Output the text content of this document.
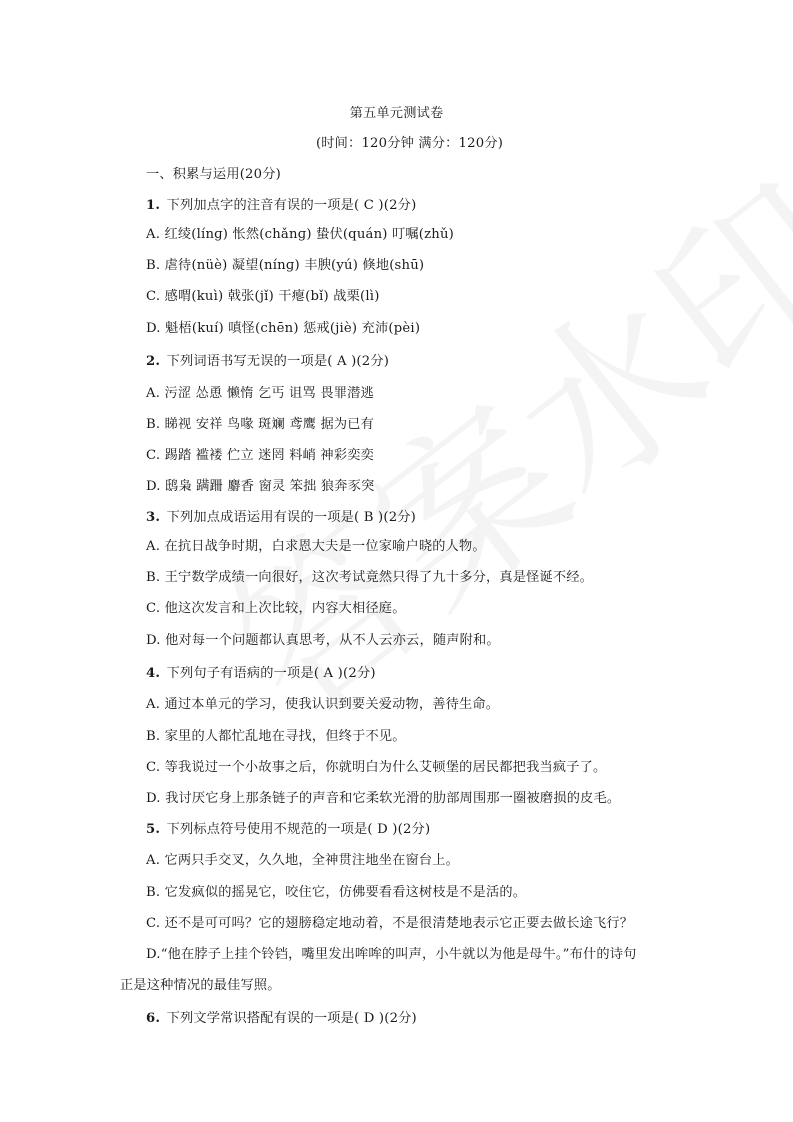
第五单元测试卷
(时间：120分钟 满分：120分)
一、积累与运用(20分)
1. 下列加点字的注音有误的一项是( C )(2分)
A. 红绫(línɡ) 怅然(chǎnɡ) 蛰伏(quán) 叮嘱(zhǔ)
B. 虐待(nüè) 凝望(nínɡ) 丰腴(yú) 倏地(shū)
C. 感喟(kuì) 戟张(jǐ) 干瘪(bǐ) 战栗(lì)
D. 魁梧(kuí) 嗔怪(chēn) 惩戒(jiè) 充沛(pèi)
2. 下列词语书写无误的一项是( A )(2分)
A. 污涩 怂恿 懒惰 乞丐 诅骂 畏罪潜逃
B. 睇视 安祥 鸟喙 斑斓 鸢鹰 据为已有
C. 踢踏 褴褛 伫立 迷罔 料峭 神彩奕奕
D. 鸱枭 蹒跚 麝香 窗灵 笨拙 狼奔豕突
3. 下列加点成语运用有误的一项是( B )(2分)
A. 在抗日战争时期，白求恩大夫是一位家喻户晓的人物。
B. 王宁数学成绩一向很好，这次考试竟然只得了九十多分，真是怪诞不经。
C. 他这次发言和上次比较，内容大相径庭。
D. 他对每一个问题都认真思考，从不人云亦云，随声附和。
4. 下列句子有语病的一项是( A )(2分)
A. 通过本单元的学习，使我认识到要关爱动物，善待生命。
B. 家里的人都忙乱地在寻找，但终于不见。
C. 等我说过一个小故事之后，你就明白为什么艾顿堡的居民都把我当疯子了。
D. 我讨厌它身上那条链子的声音和它柔软光滑的肋部周围那一圈被磨损的皮毛。
5. 下列标点符号使用不规范的一项是( D )(2分)
A. 它两只手交叉，久久地，全神贯注地坐在窗台上。
B. 它发疯似的摇晃它，咬住它，仿佛要看看这树枝是不是活的。
C. 还不是可可吗？它的翅膀稳定地动着，不是很清楚地表示它正要去做长途飞行？
D.“他在脖子上挂个铃铛，嘴里发出哞哞的叫声，小牛就以为他是母牛。”布什的诗句
正是这种情况的最佳写照。
6. 下列文学常识搭配有误的一项是( D )(2分)
